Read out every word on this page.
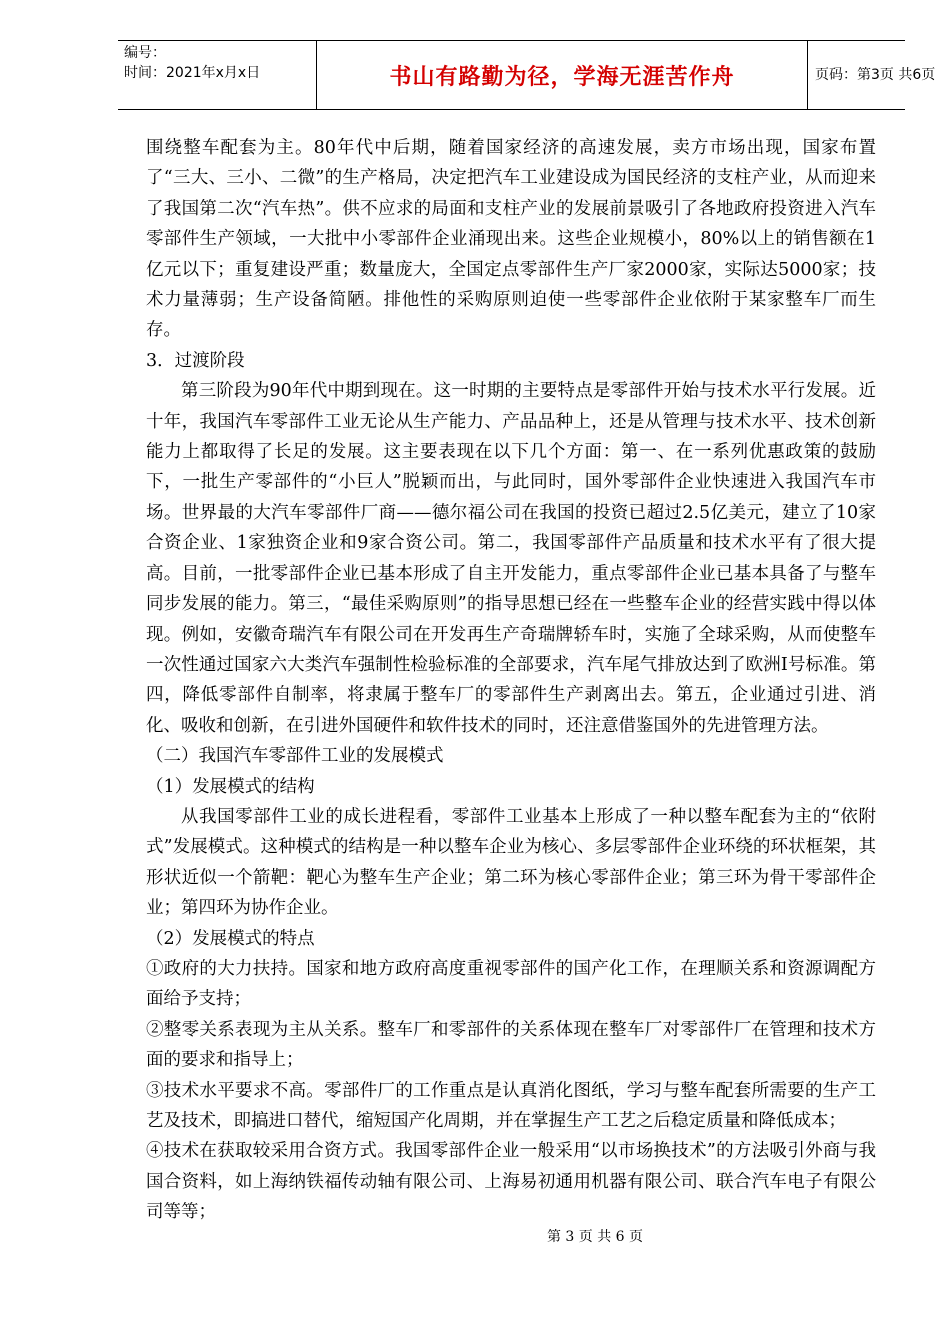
编号：
时间：2021年x月x日	书山有路勤为径，学海无涯苦作舟	页码：第3页 共6页

围绕整车配套为主。80年代中后期，随着国家经济的高速发展，卖方市场出现，国家布置了“三大、三小、二微”的生产格局，决定把汽车工业建设成为国民经济的支柱产业，从而迎来了我国第二次“汽车热”。供不应求的局面和支柱产业的发展前景吸引了各地政府投资进入汽车零部件生产领域，一大批中小零部件企业涌现出来。这些企业规模小，80%以上的销售额在1亿元以下；重复建设严重；数量庞大，全国定点零部件生产厂家2000家，实际达5000家；技术力量薄弱；生产设备简陋。排他性的采购原则迫使一些零部件企业依附于某家整车厂而生存。

3．过渡阶段

第三阶段为90年代中期到现在。这一时期的主要特点是零部件开始与技术水平行发展。近十年，我国汽车零部件工业无论从生产能力、产品品种上，还是从管理与技术水平、技术创新能力上都取得了长足的发展。这主要表现在以下几个方面：第一、在一系列优惠政策的鼓励下，一批生产零部件的“小巨人”脱颖而出，与此同时，国外零部件企业快速进入我国汽车市场。世界最的大汽车零部件厂商——德尔福公司在我国的投资已超过2.5亿美元，建立了10家合资企业、1家独资企业和9家合资公司。第二，我国零部件产品质量和技术水平有了很大提高。目前，一批零部件企业已基本形成了自主开发能力，重点零部件企业已基本具备了与整车同步发展的能力。第三，“最佳采购原则”的指导思想已经在一些整车企业的经营实践中得以体现。例如，安徽奇瑞汽车有限公司在开发再生产奇瑞牌轿车时，实施了全球采购，从而使整车一次性通过国家六大类汽车强制性检验标准的全部要求，汽车尾气排放达到了欧洲I号标准。第四，降低零部件自制率，将隶属于整车厂的零部件生产剥离出去。第五，企业通过引进、消化、吸收和创新，在引进外国硬件和软件技术的同时，还注意借鉴国外的先进管理方法。

（二）我国汽车零部件工业的发展模式

（1）发展模式的结构

从我国零部件工业的成长进程看，零部件工业基本上形成了一种以整车配套为主的“依附式”发展模式。这种模式的结构是一种以整车企业为核心、多层零部件企业环绕的环状框架，其形状近似一个箭靶：靶心为整车生产企业；第二环为核心零部件企业；第三环为骨干零部件企业；第四环为协作企业。

（2）发展模式的特点

①政府的大力扶持。国家和地方政府高度重视零部件的国产化工作，在理顺关系和资源调配方面给予支持；

②整零关系表现为主从关系。整车厂和零部件的关系体现在整车厂对零部件厂在管理和技术方面的要求和指导上；

③技术水平要求不高。零部件厂的工作重点是认真消化图纸，学习与整车配套所需要的生产工艺及技术，即搞进口替代，缩短国产化周期，并在掌握生产工艺之后稳定质量和降低成本；

④技术在获取较采用合资方式。我国零部件企业一般采用“以市场换技术”的方法吸引外商与我国合资料，如上海纳铁福传动轴有限公司、上海易初通用机器有限公司、联合汽车电子有限公司等等；

第 3 页 共 6 页
